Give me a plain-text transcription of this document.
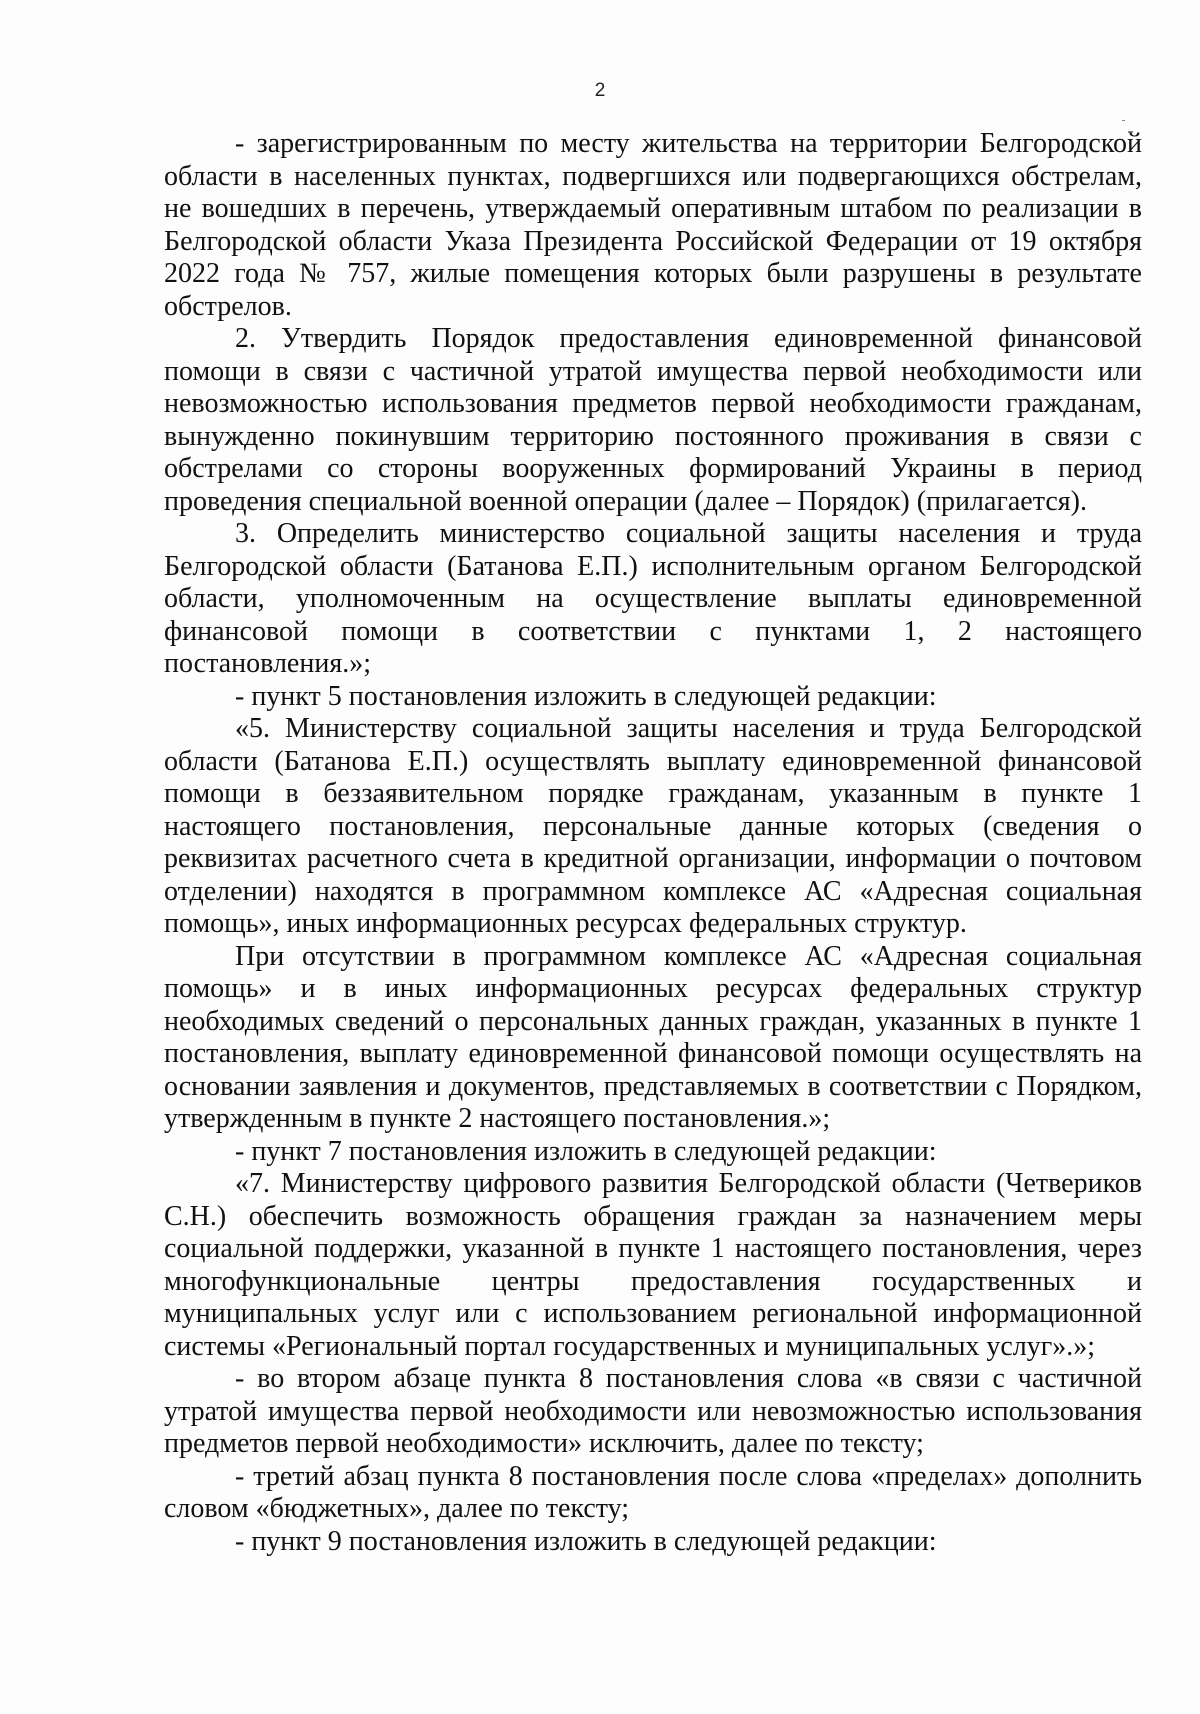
2

- зарегистрированным по месту жительства на территории Белгородской области в населенных пунктах, подвергшихся или подвергающихся обстрелам, не вошедших в перечень, утверждаемый оперативным штабом по реализации в Белгородской области Указа Президента Российской Федерации от 19 октября 2022 года № 757, жилые помещения которых были разрушены в результате обстрелов.

2. Утвердить Порядок предоставления единовременной финансовой помощи в связи с частичной утратой имущества первой необходимости или невозможностью использования предметов первой необходимости гражданам, вынужденно покинувшим территорию постоянного проживания в связи с обстрелами со стороны вооруженных формирований Украины в период проведения специальной военной операции (далее – Порядок) (прилагается).

3. Определить министерство социальной защиты населения и труда Белгородской области (Батанова Е.П.) исполнительным органом Белгородской области, уполномоченным на осуществление выплаты единовременной финансовой помощи в соответствии с пунктами 1, 2 настоящего постановления.»;

- пункт 5 постановления изложить в следующей редакции:

«5. Министерству социальной защиты населения и труда Белгородской области (Батанова Е.П.) осуществлять выплату единовременной финансовой помощи в беззаявительном порядке гражданам, указанным в пункте 1 настоящего постановления, персональные данные которых (сведения о реквизитах расчетного счета в кредитной организации, информации о почтовом отделении) находятся в программном комплексе АС «Адресная социальная помощь», иных информационных ресурсах федеральных структур.

При отсутствии в программном комплексе АС «Адресная социальная помощь» и в иных информационных ресурсах федеральных структур необходимых сведений о персональных данных граждан, указанных в пункте 1 постановления, выплату единовременной финансовой помощи осуществлять на основании заявления и документов, представляемых в соответствии с Порядком, утвержденным в пункте 2 настоящего постановления.»;

- пункт 7 постановления изложить в следующей редакции:

«7. Министерству цифрового развития Белгородской области (Четвериков С.Н.) обеспечить возможность обращения граждан за назначением меры социальной поддержки, указанной в пункте 1 настоящего постановления, через многофункциональные центры предоставления государственных и муниципальных услуг или с использованием региональной информационной системы «Региональный портал государственных и муниципальных услуг».»;

- во втором абзаце пункта 8 постановления слова «в связи с частичной утратой имущества первой необходимости или невозможностью использования предметов первой необходимости» исключить, далее по тексту;

- третий абзац пункта 8 постановления после слова «пределах» дополнить словом «бюджетных», далее по тексту;

- пункт 9 постановления изложить в следующей редакции:
